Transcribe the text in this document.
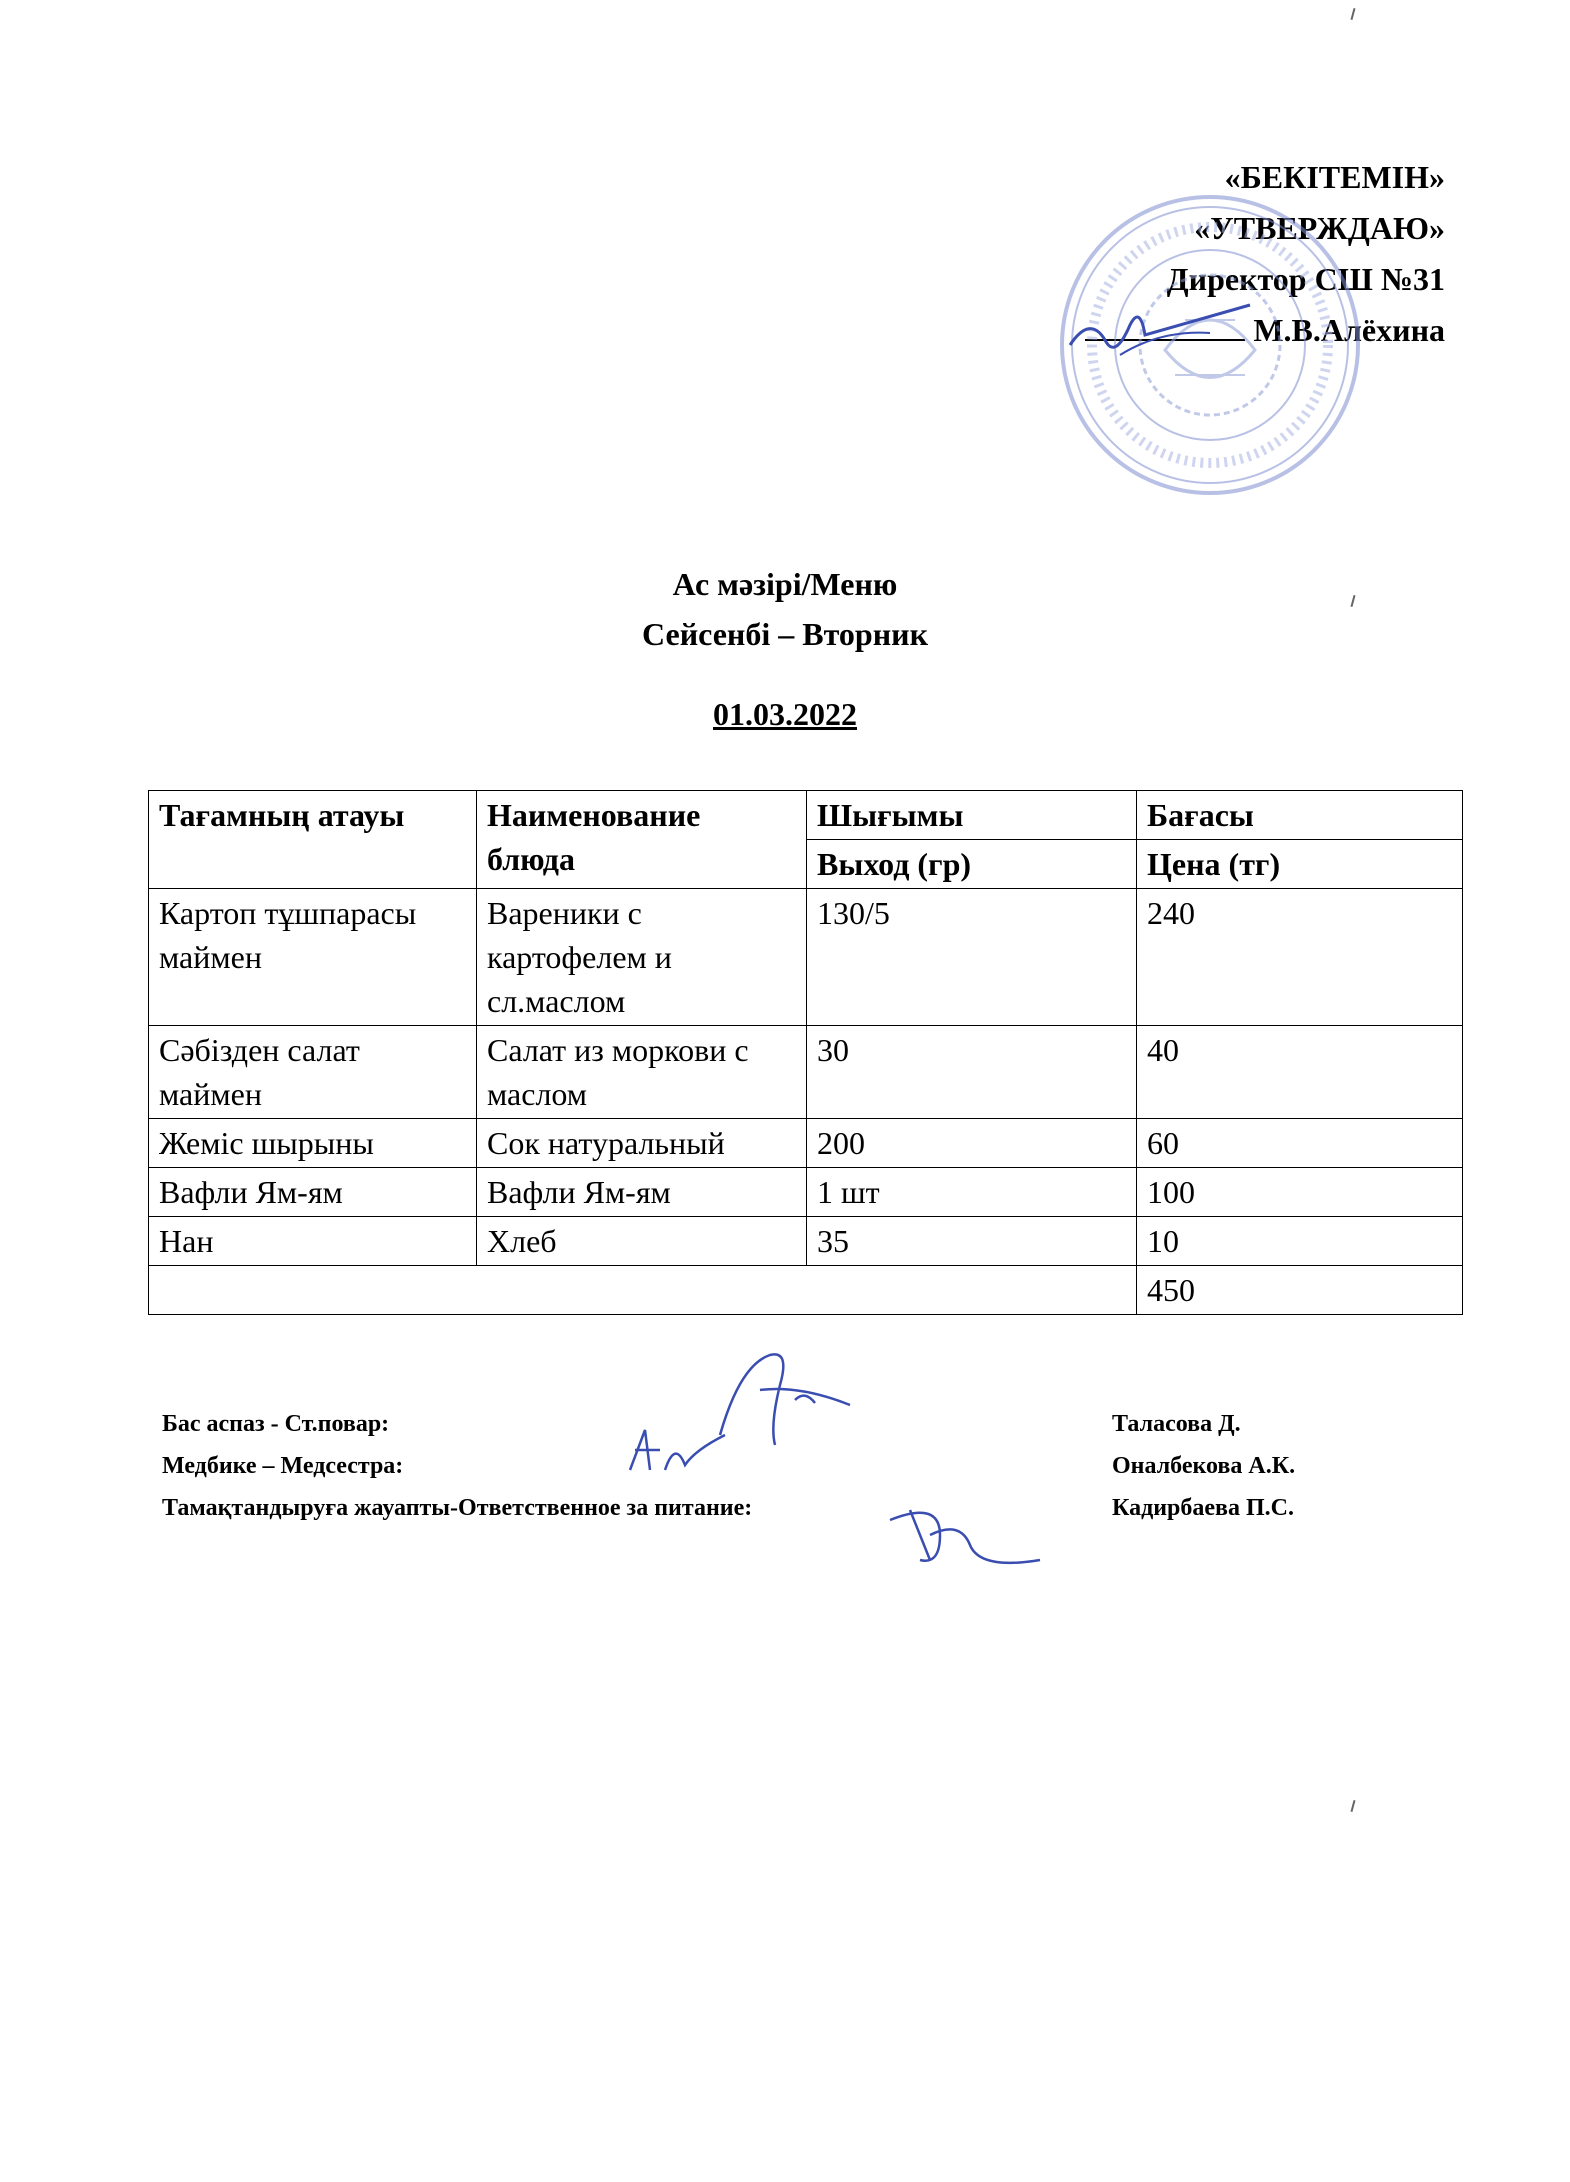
«БЕКІТЕМІН»
«УТВЕРЖДАЮ»
Директор СШ №31
М.В.Алёхина
Ас мәзірі/Меню
Сейсенбі – Вторник
01.03.2022
Тағамның атауы	Наименование блюда	Шығымы	Бағасы
		Выход (гр)	Цена (тг)
Картоп тұшпарасы маймен	Вареники с картофелем и сл.маслом	130/5	240
Сәбізден салат маймен	Салат из моркови с маслом	30	40
Жеміс шырыны	Сок натуральный	200	60
Вафли Ям-ям	Вафли Ям-ям	1 шт	100
Нан	Хлеб	35	10
			450
Бас аспаз - Ст.повар:	Таласова Д.
Медбике – Медсестра:	Оналбекова А.К.
Тамақтандыруға жауапты-Ответственное за питание:	Кадирбаева П.С.
